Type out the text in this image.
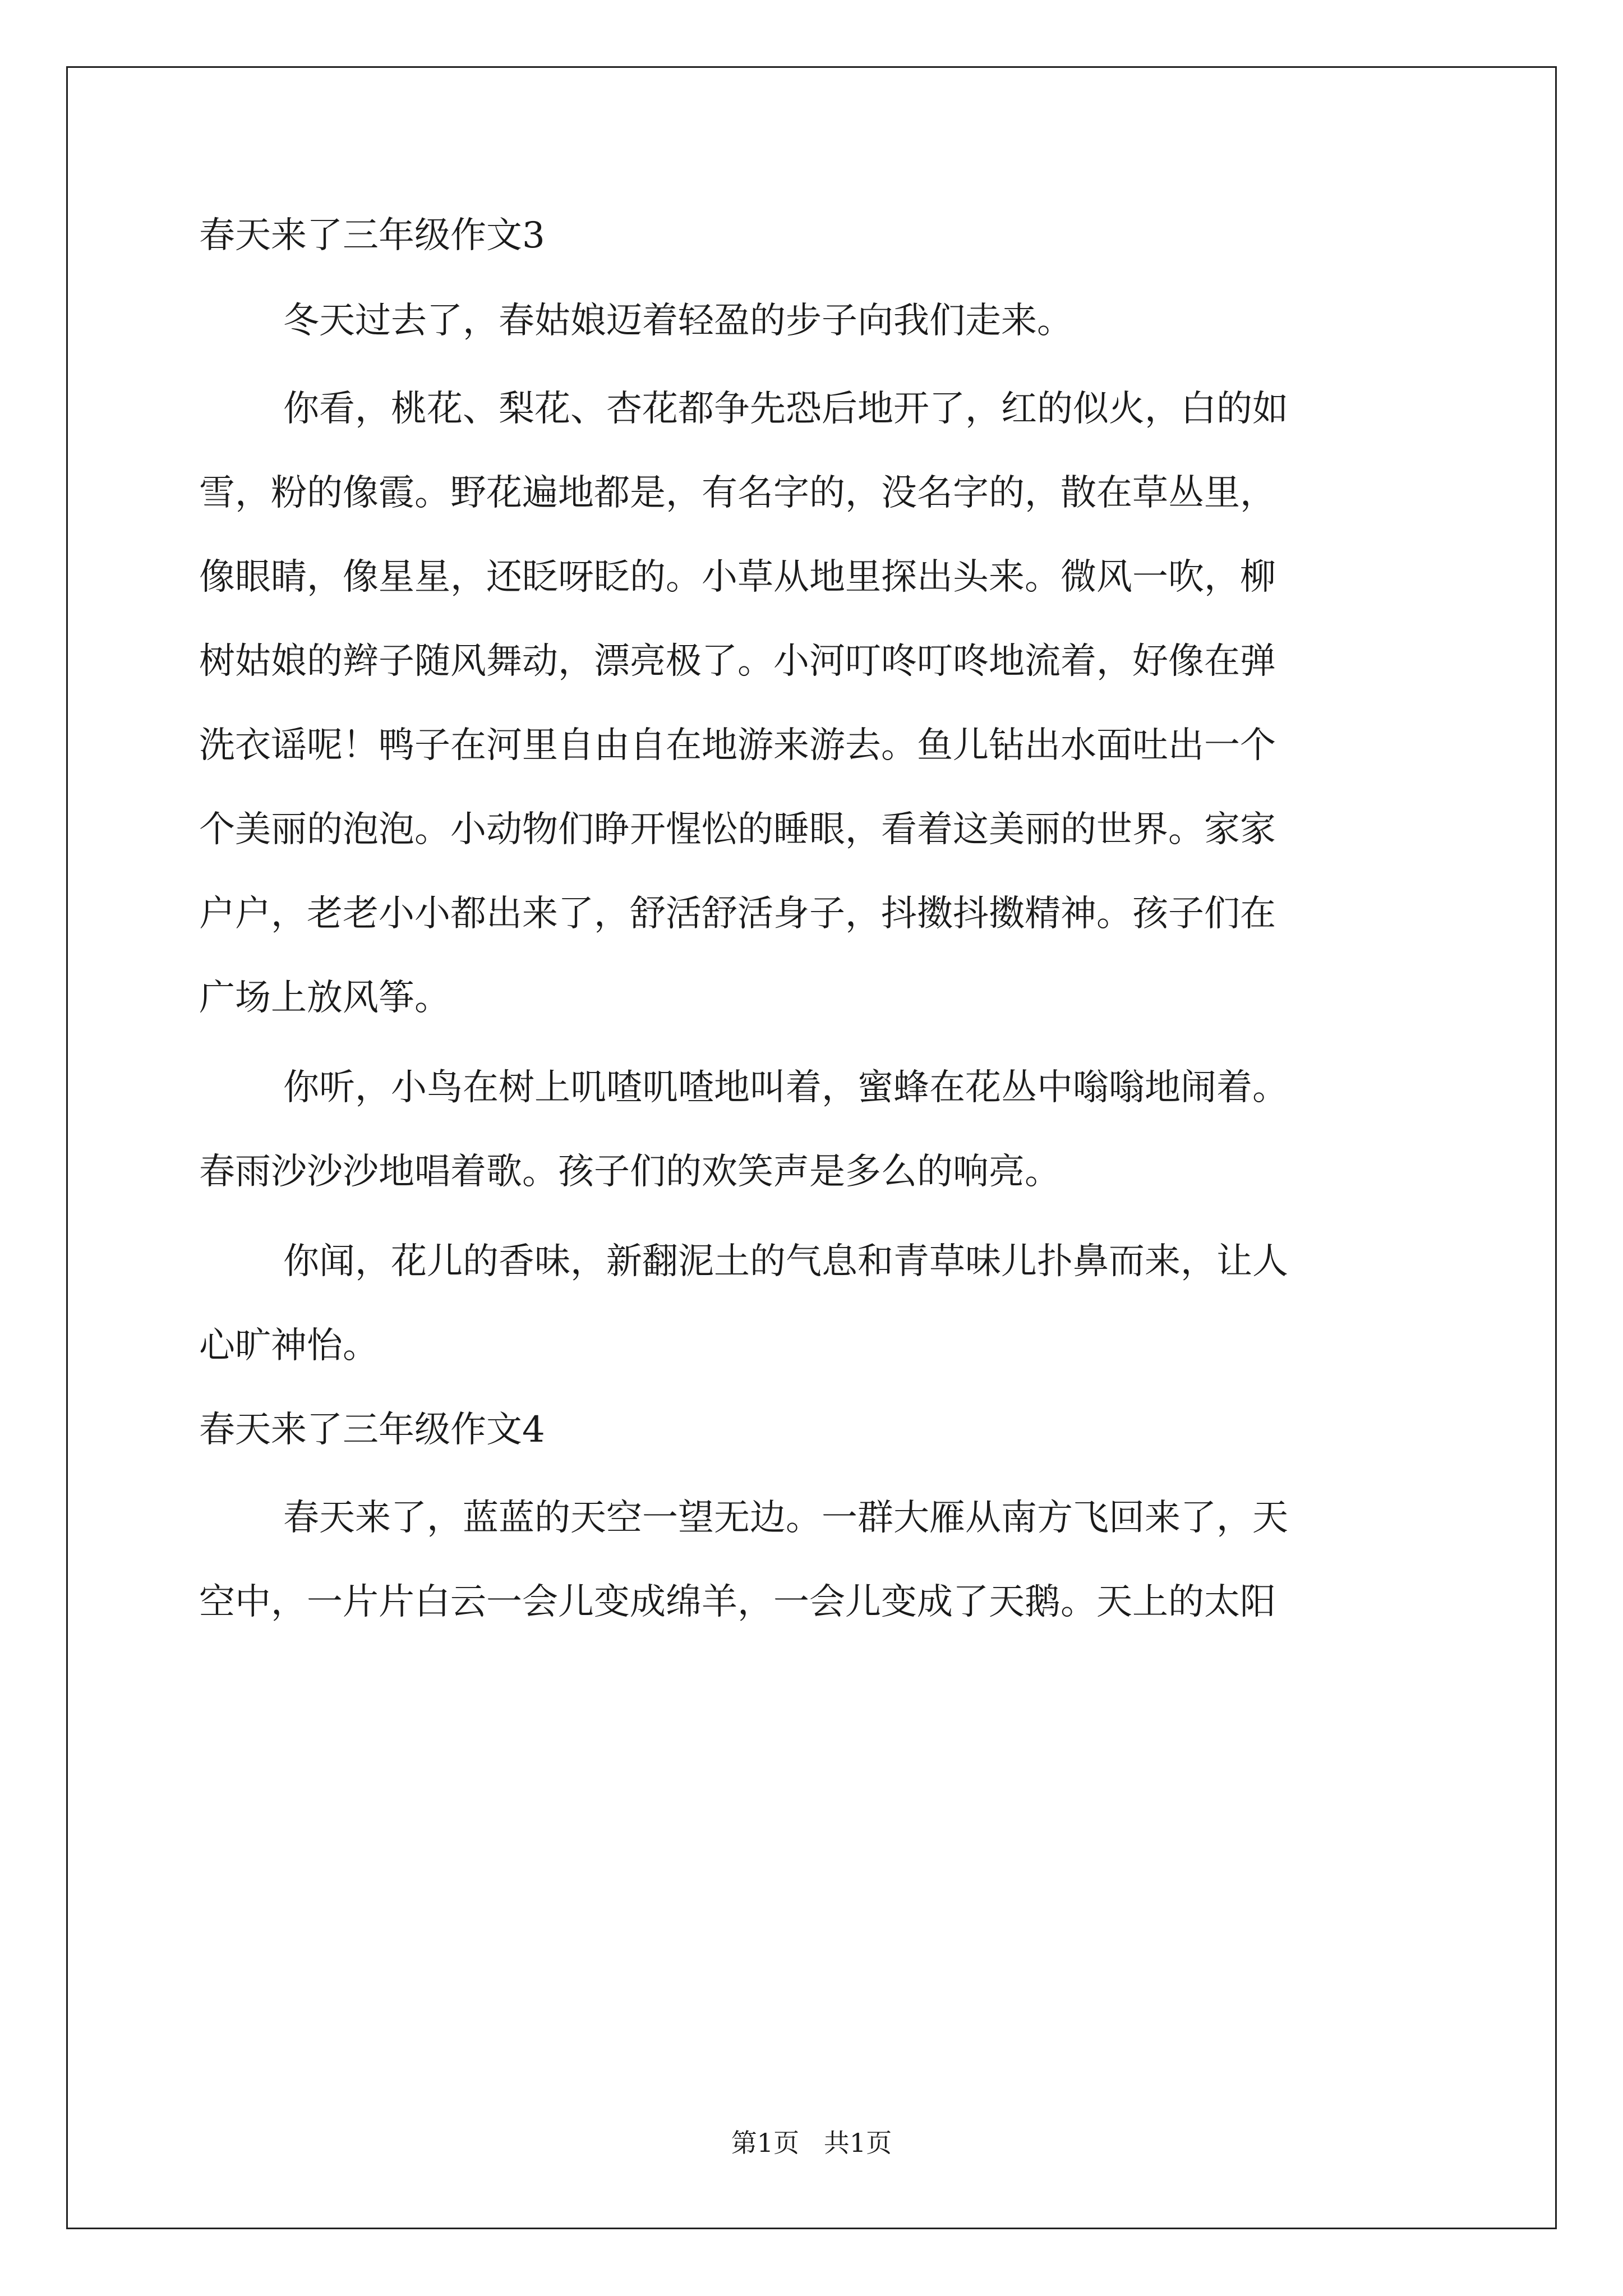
春天来了三年级作文3
冬天过去了，春姑娘迈着轻盈的步子向我们走来。
你看，桃花、梨花、杏花都争先恐后地开了，红的似火，白的如
雪，粉的像霞。野花遍地都是，有名字的，没名字的，散在草丛里，
像眼睛，像星星，还眨呀眨的。小草从地里探出头来。微风一吹，柳
树姑娘的辫子随风舞动，漂亮极了。小河叮咚叮咚地流着，好像在弹
洗衣谣呢！鸭子在河里自由自在地游来游去。鱼儿钻出水面吐出一个
个美丽的泡泡。小动物们睁开惺忪的睡眼，看着这美丽的世界。家家
户户，老老小小都出来了，舒活舒活身子，抖擞抖擞精神。孩子们在
广场上放风筝。
你听，小鸟在树上叽喳叽喳地叫着，蜜蜂在花丛中嗡嗡地闹着。
春雨沙沙沙地唱着歌。孩子们的欢笑声是多么的响亮。
你闻，花儿的香味，新翻泥土的气息和青草味儿扑鼻而来，让人
心旷神怡。
春天来了三年级作文4
春天来了，蓝蓝的天空一望无边。一群大雁从南方飞回来了，天
空中，一片片白云一会儿变成绵羊，一会儿变成了天鹅。天上的太阳
第1页   共1页
